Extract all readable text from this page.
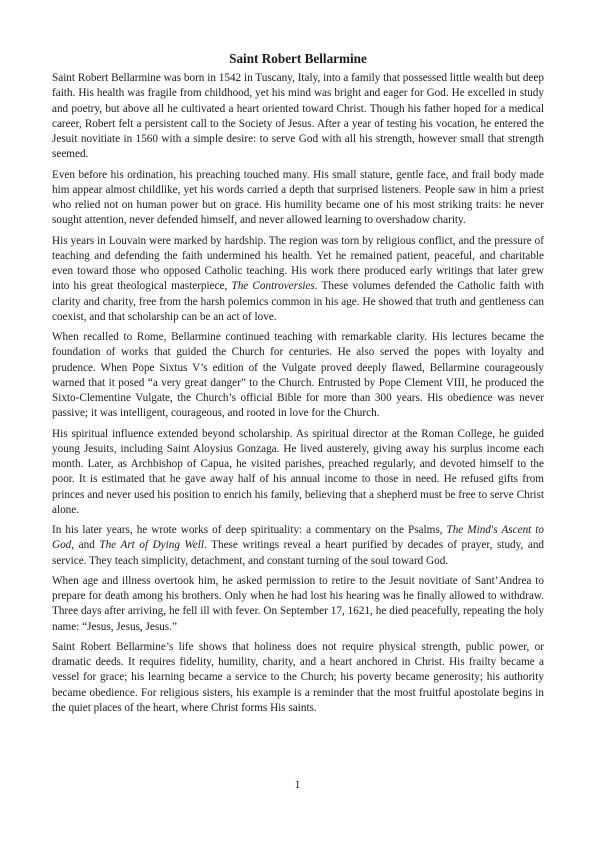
Saint Robert Bellarmine

Saint Robert Bellarmine was born in 1542 in Tuscany, Italy, into a family that possessed little wealth but deep faith. His health was fragile from childhood, yet his mind was bright and eager for God. He excelled in study and poetry, but above all he cultivated a heart oriented toward Christ. Though his father hoped for a medical career, Robert felt a persistent call to the Society of Jesus. After a year of testing his vocation, he entered the Jesuit novitiate in 1560 with a simple desire: to serve God with all his strength, however small that strength seemed.

Even before his ordination, his preaching touched many. His small stature, gentle face, and frail body made him appear almost childlike, yet his words carried a depth that surprised listeners. People saw in him a priest who relied not on human power but on grace. His humility became one of his most striking traits: he never sought attention, never defended himself, and never allowed learning to overshadow charity.

His years in Louvain were marked by hardship. The region was torn by religious conflict, and the pressure of teaching and defending the faith undermined his health. Yet he remained patient, peaceful, and charitable even toward those who opposed Catholic teaching. His work there produced early writings that later grew into his great theological masterpiece, The Controversies. These volumes defended the Catholic faith with clarity and charity, free from the harsh polemics common in his age. He showed that truth and gentleness can coexist, and that scholarship can be an act of love.

When recalled to Rome, Bellarmine continued teaching with remarkable clarity. His lectures became the foundation of works that guided the Church for centuries. He also served the popes with loyalty and prudence. When Pope Sixtus V’s edition of the Vulgate proved deeply flawed, Bellarmine courageously warned that it posed “a very great danger” to the Church. Entrusted by Pope Clement VIII, he produced the Sixto-Clementine Vulgate, the Church’s official Bible for more than 300 years. His obedience was never passive; it was intelligent, courageous, and rooted in love for the Church.

His spiritual influence extended beyond scholarship. As spiritual director at the Roman College, he guided young Jesuits, including Saint Aloysius Gonzaga. He lived austerely, giving away his surplus income each month. Later, as Archbishop of Capua, he visited parishes, preached regularly, and devoted himself to the poor. It is estimated that he gave away half of his annual income to those in need. He refused gifts from princes and never used his position to enrich his family, believing that a shepherd must be free to serve Christ alone.

In his later years, he wrote works of deep spirituality: a commentary on the Psalms, The Mind's Ascent to God, and The Art of Dying Well. These writings reveal a heart purified by decades of prayer, study, and service. They teach simplicity, detachment, and constant turning of the soul toward God.

When age and illness overtook him, he asked permission to retire to the Jesuit novitiate of Sant’Andrea to prepare for death among his brothers. Only when he had lost his hearing was he finally allowed to withdraw. Three days after arriving, he fell ill with fever. On September 17, 1621, he died peacefully, repeating the holy name: “Jesus, Jesus, Jesus.”

Saint Robert Bellarmine’s life shows that holiness does not require physical strength, public power, or dramatic deeds. It requires fidelity, humility, charity, and a heart anchored in Christ. His frailty became a vessel for grace; his learning became a service to the Church; his poverty became generosity; his authority became obedience. For religious sisters, his example is a reminder that the most fruitful apostolate begins in the quiet places of the heart, where Christ forms His saints.

1
